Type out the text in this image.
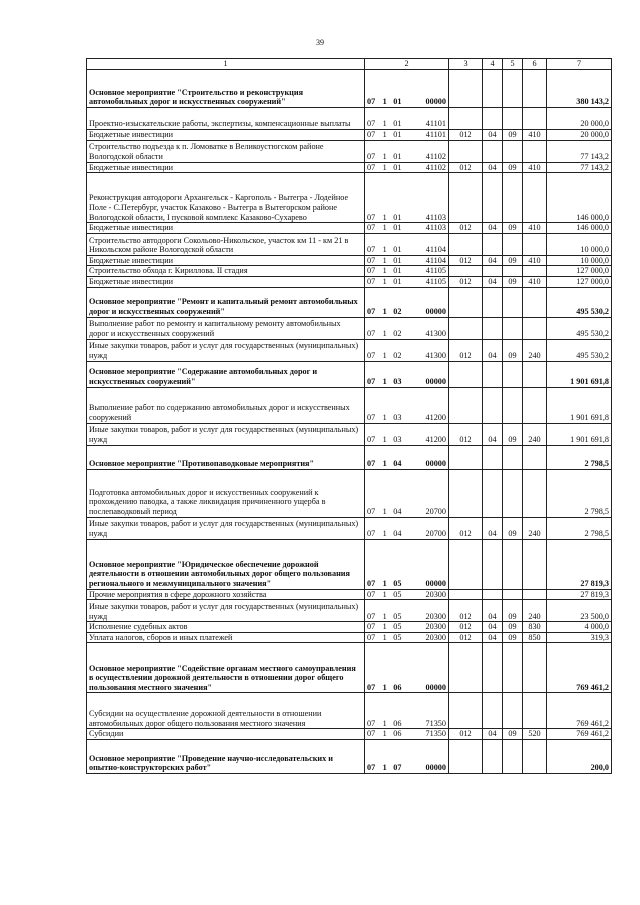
39
1	2	3	4	5	6	7
Основное мероприятие "Строительство и реконструкция автомобильных дорог и искусственных сооружений"	07 1 01 00000					380 143,2
Проектно-изыскательские работы, экспертизы, компенсационные выплаты	07 1 01 41101					20 000,0
Бюджетные инвестиции	07 1 01 41101	012	04	09	410	20 000,0
Строительство подъезда к п. Ломоватке в Великоустюгском районе Вологодской области	07 1 01 41102					77 143,2
Бюджетные инвестиции	07 1 01 41102	012	04	09	410	77 143,2
Реконструкция автодороги Архангельск - Каргополь - Вытегра - Лодейное Поле - С.Петербург, участок Казаково - Вытегра в Вытегорском районе Вологодской области, I пусковой комплекс Казаково-Сухарево	07 1 01 41103					146 000,0
Бюджетные инвестиции	07 1 01 41103	012	04	09	410	146 000,0
Строительство автодороги Сокольово-Никольское, участок км 11 - км 21 в Никольском районе Вологодской области	07 1 01 41104					10 000,0
Бюджетные инвестиции	07 1 01 41104	012	04	09	410	10 000,0
Строительство обхода г. Кириллова. II стадия	07 1 01 41105					127 000,0
Бюджетные инвестиции	07 1 01 41105	012	04	09	410	127 000,0
Основное мероприятие "Ремонт и капитальный ремонт автомобильных дорог и искусственных сооружений"	07 1 02 00000					495 530,2
Выполнение работ по ремонту и капитальному ремонту автомобильных дорог и искусственных сооружений	07 1 02 41300					495 530,2
Иные закупки товаров, работ и услуг для государственных (муниципальных) нужд	07 1 02 41300	012	04	09	240	495 530,2
Основное мероприятие "Содержание автомобильных дорог и искусственных сооружений"	07 1 03 00000					1 901 691,8
Выполнение работ по содержанию автомобильных дорог и искусственных сооружений	07 1 03 41200					1 901 691,8
Иные закупки товаров, работ и услуг для государственных (муниципальных) нужд	07 1 03 41200	012	04	09	240	1 901 691,8
Основное мероприятие "Противопаводковые мероприятия"	07 1 04 00000					2 798,5
Подготовка автомобильных дорог и искусственных сооружений к прохождению паводка, а также ликвидация причиненного ущерба в послепаводковый период	07 1 04 20700					2 798,5
Иные закупки товаров, работ и услуг для государственных (муниципальных) нужд	07 1 04 20700	012	04	09	240	2 798,5
Основное мероприятие "Юридическое обеспечение дорожной деятельности в отношении автомобильных дорог общего пользования регионального и межмуниципального значения"	07 1 05 00000					27 819,3
Прочие мероприятия в сфере дорожного хозяйства	07 1 05 20300					27 819,3
Иные закупки товаров, работ и услуг для государственных (муниципальных) нужд	07 1 05 20300	012	04	09	240	23 500,0
Исполнение судебных актов	07 1 05 20300	012	04	09	830	4 000,0
Уплата налогов, сборов и иных платежей	07 1 05 20300	012	04	09	850	319,3
Основное мероприятие "Содействие органам местного самоуправления в осуществлении дорожной деятельности в отношении дорог общего пользования местного значения"	07 1 06 00000					769 461,2
Субсидии на осуществление дорожной деятельности в отношении автомобильных дорог общего пользования местного значения	07 1 06 71350					769 461,2
Субсидии	07 1 06 71350	012	04	09	520	769 461,2
Основное мероприятие "Проведение научно-исследовательских и опытно-конструкторских работ"	07 1 07 00000					200,0
